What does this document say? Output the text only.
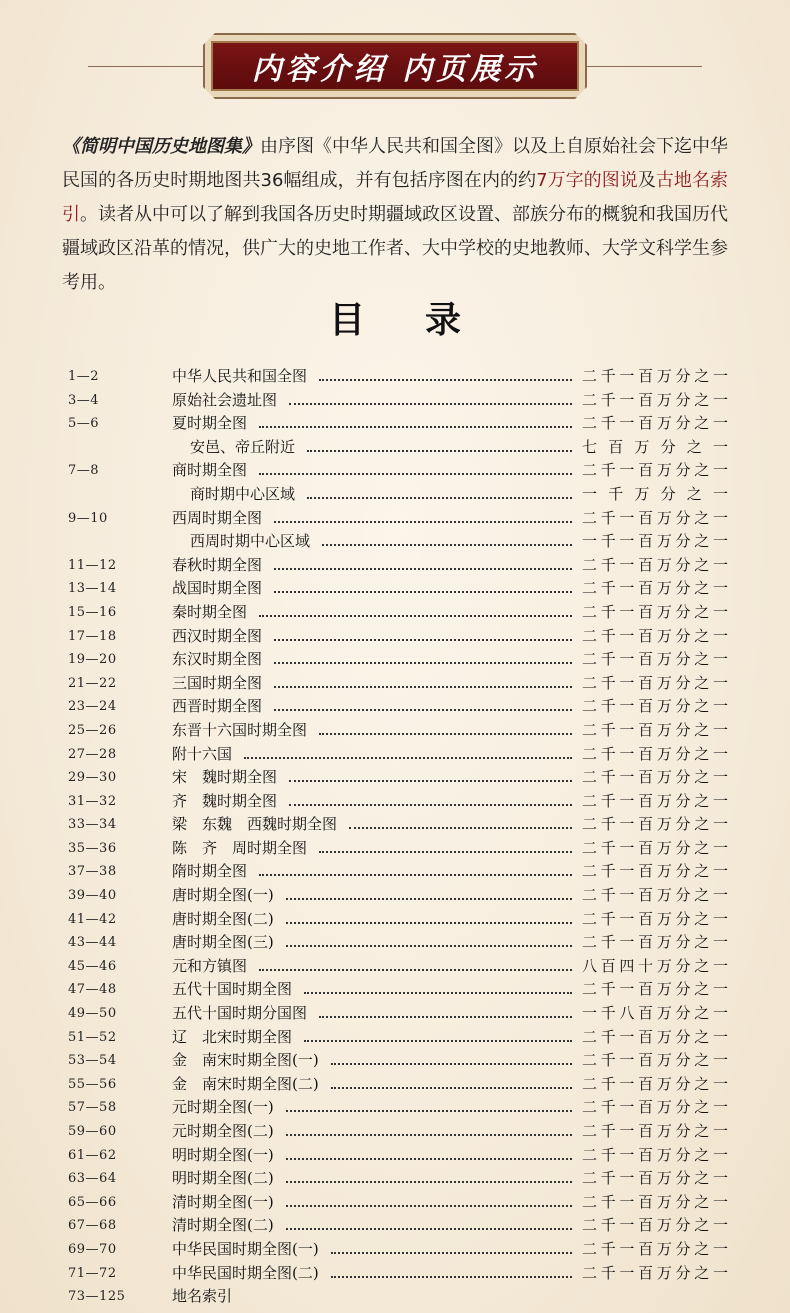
内容介绍 内页展示
《简明中国历史地图集》由序图《中华人民共和国全图》以及上自原始社会下迄中华民国的各历史时期地图共36幅组成，并有包括序图在内的约7万字的图说及古地名索引。读者从中可以了解到我国各历史时期疆域政区设置、部族分布的概貌和我国历代疆域政区沿革的情况，供广大的史地工作者、大中学校的史地教师、大学文科学生参考用。
目录
1—2	中华人民共和国全图	二千一百万分之一
3—4	原始社会遗址图	二千一百万分之一
5—6	夏时期全图	二千一百万分之一
安邑、帝丘附近	七百万分之一
7—8	商时期全图	二千一百万分之一
商时期中心区域	一千万分之一
9—10	西周时期全图	二千一百万分之一
西周时期中心区域	一千一百万分之一
11—12	春秋时期全图	二千一百万分之一
13—14	战国时期全图	二千一百万分之一
15—16	秦时期全图	二千一百万分之一
17—18	西汉时期全图	二千一百万分之一
19—20	东汉时期全图	二千一百万分之一
21—22	三国时期全图	二千一百万分之一
23—24	西晋时期全图	二千一百万分之一
25—26	东晋十六国时期全图	二千一百万分之一
27—28	附十六国	二千一百万分之一
29—30	宋　魏时期全图	二千一百万分之一
31—32	齐　魏时期全图	二千一百万分之一
33—34	梁　东魏　西魏时期全图	二千一百万分之一
35—36	陈　齐　周时期全图	二千一百万分之一
37—38	隋时期全图	二千一百万分之一
39—40	唐时期全图(一)	二千一百万分之一
41—42	唐时期全图(二)	二千一百万分之一
43—44	唐时期全图(三)	二千一百万分之一
45—46	元和方镇图	八百四十万分之一
47—48	五代十国时期全图	二千一百万分之一
49—50	五代十国时期分国图	一千八百万分之一
51—52	辽　北宋时期全图	二千一百万分之一
53—54	金　南宋时期全图(一)	二千一百万分之一
55—56	金　南宋时期全图(二)	二千一百万分之一
57—58	元时期全图(一)	二千一百万分之一
59—60	元时期全图(二)	二千一百万分之一
61—62	明时期全图(一)	二千一百万分之一
63—64	明时期全图(二)	二千一百万分之一
65—66	清时期全图(一)	二千一百万分之一
67—68	清时期全图(二)	二千一百万分之一
69—70	中华民国时期全图(一)	二千一百万分之一
71—72	中华民国时期全图(二)	二千一百万分之一
73—125	地名索引
